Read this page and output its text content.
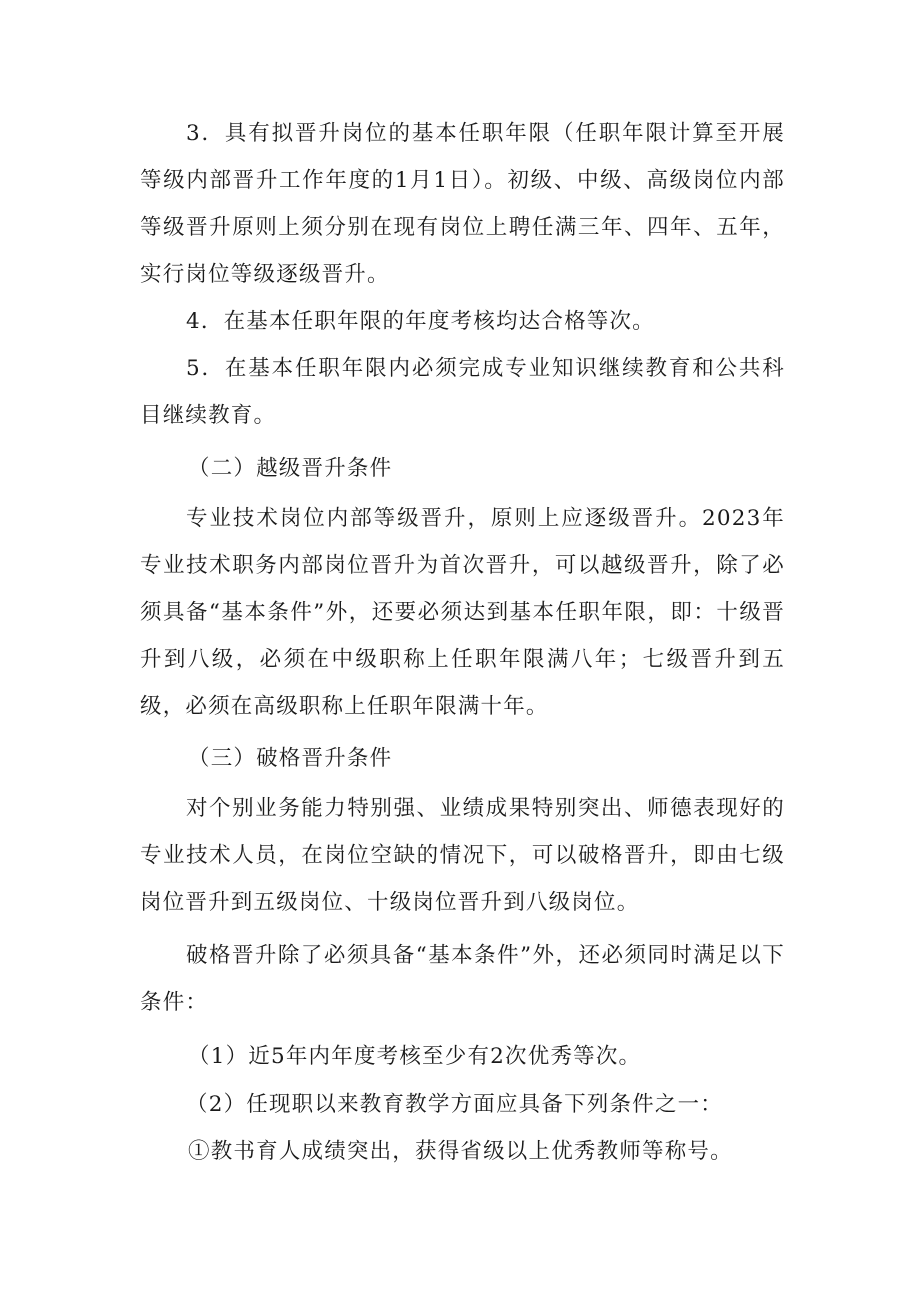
3．具有拟晋升岗位的基本任职年限（任职年限计算至开展等级内部晋升工作年度的1月1日）。初级、中级、高级岗位内部等级晋升原则上须分别在现有岗位上聘任满三年、四年、五年，实行岗位等级逐级晋升。

4．在基本任职年限的年度考核均达合格等次。

5．在基本任职年限内必须完成专业知识继续教育和公共科目继续教育。

（二）越级晋升条件

专业技术岗位内部等级晋升，原则上应逐级晋升。2023年专业技术职务内部岗位晋升为首次晋升，可以越级晋升，除了必须具备“基本条件”外，还要必须达到基本任职年限，即：十级晋升到八级，必须在中级职称上任职年限满八年；七级晋升到五级，必须在高级职称上任职年限满十年。

（三）破格晋升条件

对个别业务能力特别强、业绩成果特别突出、师德表现好的专业技术人员，在岗位空缺的情况下，可以破格晋升，即由七级岗位晋升到五级岗位、十级岗位晋升到八级岗位。

破格晋升除了必须具备“基本条件”外，还必须同时满足以下条件：

（1）近5年内年度考核至少有2次优秀等次。

（2）任现职以来教育教学方面应具备下列条件之一：

①教书育人成绩突出，获得省级以上优秀教师等称号。
